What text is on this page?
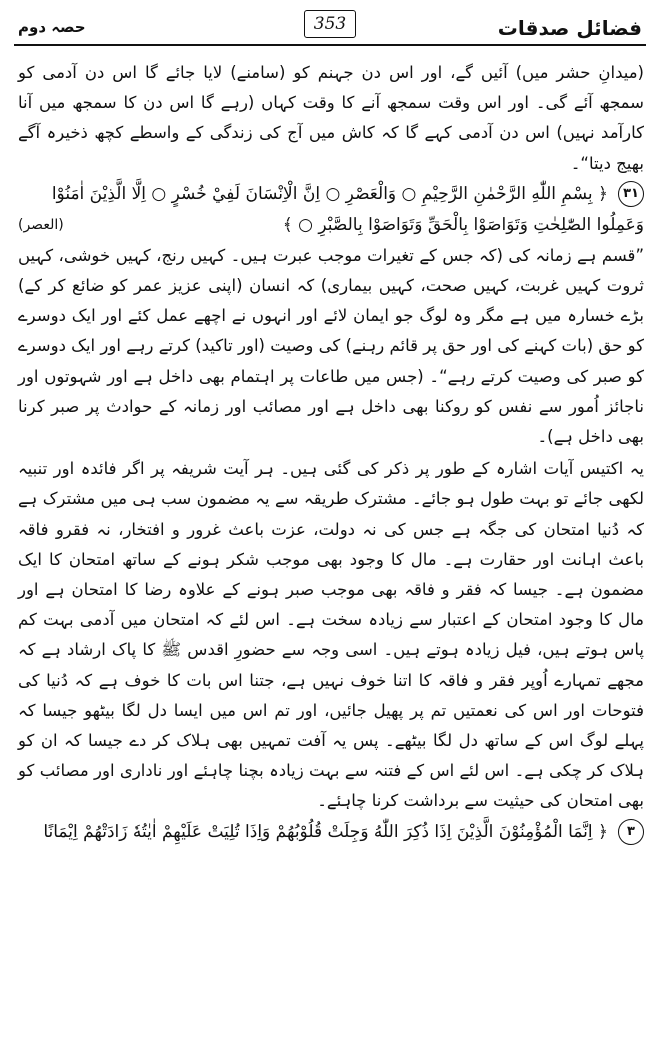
فضائل صدقات
353
حصہ دوم

(میدانِ حشر میں) آئیں گے، اور اس دن جہنم کو (سامنے) لایا جائے گا اس دن آدمی کو سمجھ آئے گی۔ اور اس وقت سمجھ آنے کا وقت کہاں (رہے گا اس دن کا سمجھ میں آنا کارآمد نہیں) اس دن آدمی کہے گا کہ کاش میں آج کی زندگی کے واسطے کچھ ذخیرہ آگے بھیج دیتا“۔

۳۱

﴿ بِسْمِ اللّٰهِ الرَّحْمٰنِ الرَّحِيْمِ ○ وَالْعَصْرِ ○ اِنَّ الْاِنْسَانَ لَفِيْ خُسْرٍ ○ اِلَّا الَّذِيْنَ اٰمَنُوْا

(العصر)	وَعَمِلُوا الصّٰلِحٰتِ وَتَوَاصَوْا بِالْحَقِّ وَتَوَاصَوْا بِالصَّبْرِ ○ ﴾

”قسم ہے زمانہ کی (کہ جس کے تغیرات موجب عبرت ہیں۔ کہیں رنج، کہیں خوشی، کہیں ثروت کہیں غربت، کہیں صحت، کہیں بیماری) کہ انسان (اپنی عزیز عمر کو ضائع کر کے) بڑے خسارہ میں ہے مگر وہ لوگ جو ایمان لائے اور انہوں نے اچھے عمل کئے اور ایک دوسرے کو حق (بات کہنے کی اور حق پر قائم رہنے) کی وصیت (اور تاکید) کرتے رہے اور ایک دوسرے کو صبر کی وصیت کرتے رہے“۔ (جس میں طاعات پر اہتمام بھی داخل ہے اور شہوتوں اور ناجائز اُمور سے نفس کو روکنا بھی داخل ہے اور مصائب اور زمانہ کے حوادث پر صبر کرنا بھی داخل ہے)۔

یہ اکتیس آیات اشارہ کے طور پر ذکر کی گئی ہیں۔ ہر آیت شریفہ پر اگر فائدہ اور تنبیہ لکھی جائے تو بہت طول ہو جائے۔ مشترک طریقہ سے یہ مضمون سب ہی میں مشترک ہے کہ دُنیا امتحان کی جگہ ہے جس کی نہ دولت، عزت باعث غرور و افتخار، نہ فقرو فاقہ باعث اہانت اور حقارت ہے۔ مال کا وجود بھی موجب شکر ہونے کے ساتھ امتحان کا ایک مضمون ہے۔ جیسا کہ فقر و فاقہ بھی موجب صبر ہونے کے علاوہ رضا کا امتحان ہے اور مال کا وجود امتحان کے اعتبار سے زیادہ سخت ہے۔ اس لئے کہ امتحان میں آدمی بہت کم پاس ہوتے ہیں، فیل زیادہ ہوتے ہیں۔ اسی وجہ سے حضورِ اقدس ﷺ کا پاک ارشاد ہے کہ مجھے تمہارے اُوپر فقر و فاقہ کا اتنا خوف نہیں ہے، جتنا اس بات کا خوف ہے کہ دُنیا کی فتوحات اور اس کی نعمتیں تم پر پھیل جائیں، اور تم اس میں ایسا دل لگا بیٹھو جیسا کہ پہلے لوگ اس کے ساتھ دل لگا بیٹھے۔ پس یہ آفت تمہیں بھی ہلاک کر دے جیسا کہ ان کو ہلاک کر چکی ہے۔ اس لئے اس کے فتنہ سے بہت زیادہ بچنا چاہئے اور ناداری اور مصائب کو بھی امتحان کی حیثیت سے برداشت کرنا چاہئے۔

۳

﴿ اِنَّمَا الْمُؤْمِنُوْنَ الَّذِيْنَ اِذَا ذُكِرَ اللّٰهُ وَجِلَتْ قُلُوْبُهُمْ وَاِذَا تُلِيَتْ عَلَيْهِمْ اٰيٰتُهٗ زَادَتْهُمْ اِيْمَانًا
